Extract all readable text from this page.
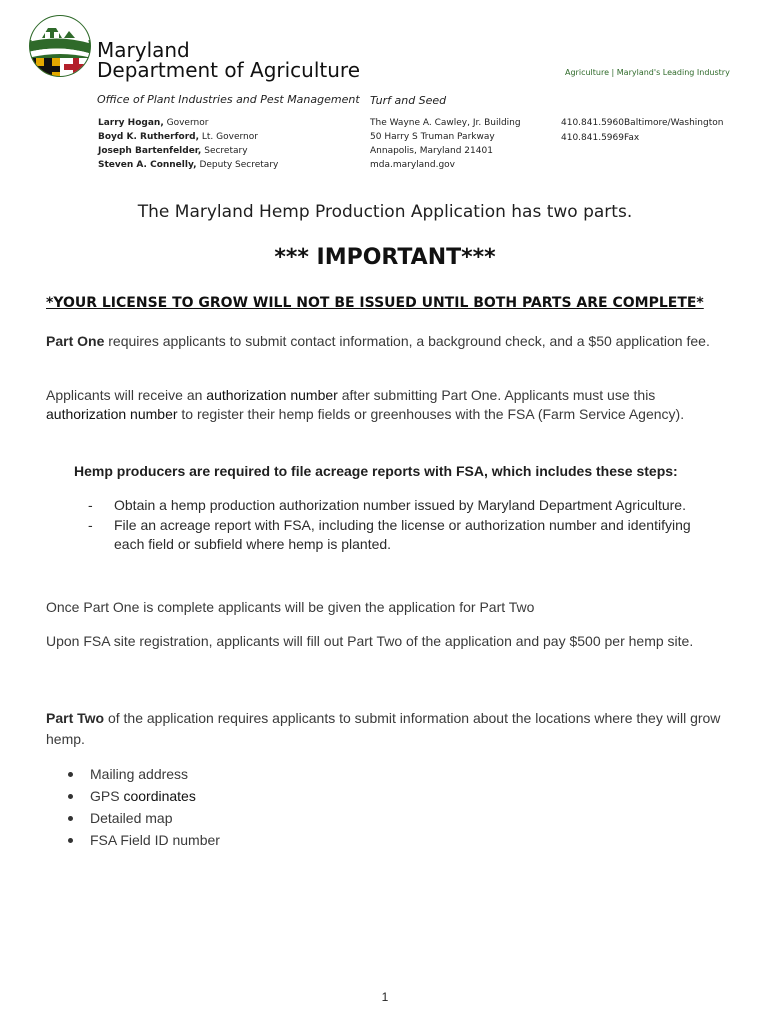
Maryland
Department of Agriculture	Agriculture | Maryland's Leading Industry
Office of Plant Industries and Pest Management Turf and Seed
Larry Hogan, Governor
Boyd K. Rutherford, Lt. Governor
Joseph Bartenfelder, Secretary
Steven A. Connelly, Deputy Secretary
The Wayne A. Cawley, Jr. Building
50 Harry S Truman Parkway
Annapolis, Maryland 21401
mda.maryland.gov
410.841.5960 Baltimore/Washington
410.841.5969 Fax
The Maryland Hemp Production Application has two parts.
*** IMPORTANT***
*YOUR LICENSE TO GROW WILL NOT BE ISSUED UNTIL BOTH PARTS ARE COMPLETE*
Part One requires applicants to submit contact information, a background check, and a $50 application fee.
Applicants will receive an authorization number after submitting Part One. Applicants must use this authorization number to register their hemp fields or greenhouses with the FSA (Farm Service Agency).
Hemp producers are required to file acreage reports with FSA, which includes these steps:
- Obtain a hemp production authorization number issued by Maryland Department Agriculture.
- File an acreage report with FSA, including the license or authorization number and identifying each field or subfield where hemp is planted.
Once Part One is complete applicants will be given the application for Part Two
Upon FSA site registration, applicants will fill out Part Two of the application and pay $500 per hemp site.
Part Two of the application requires applicants to submit information about the locations where they will grow hemp.
Mailing address
GPS coordinates
Detailed map
FSA Field ID number
1
